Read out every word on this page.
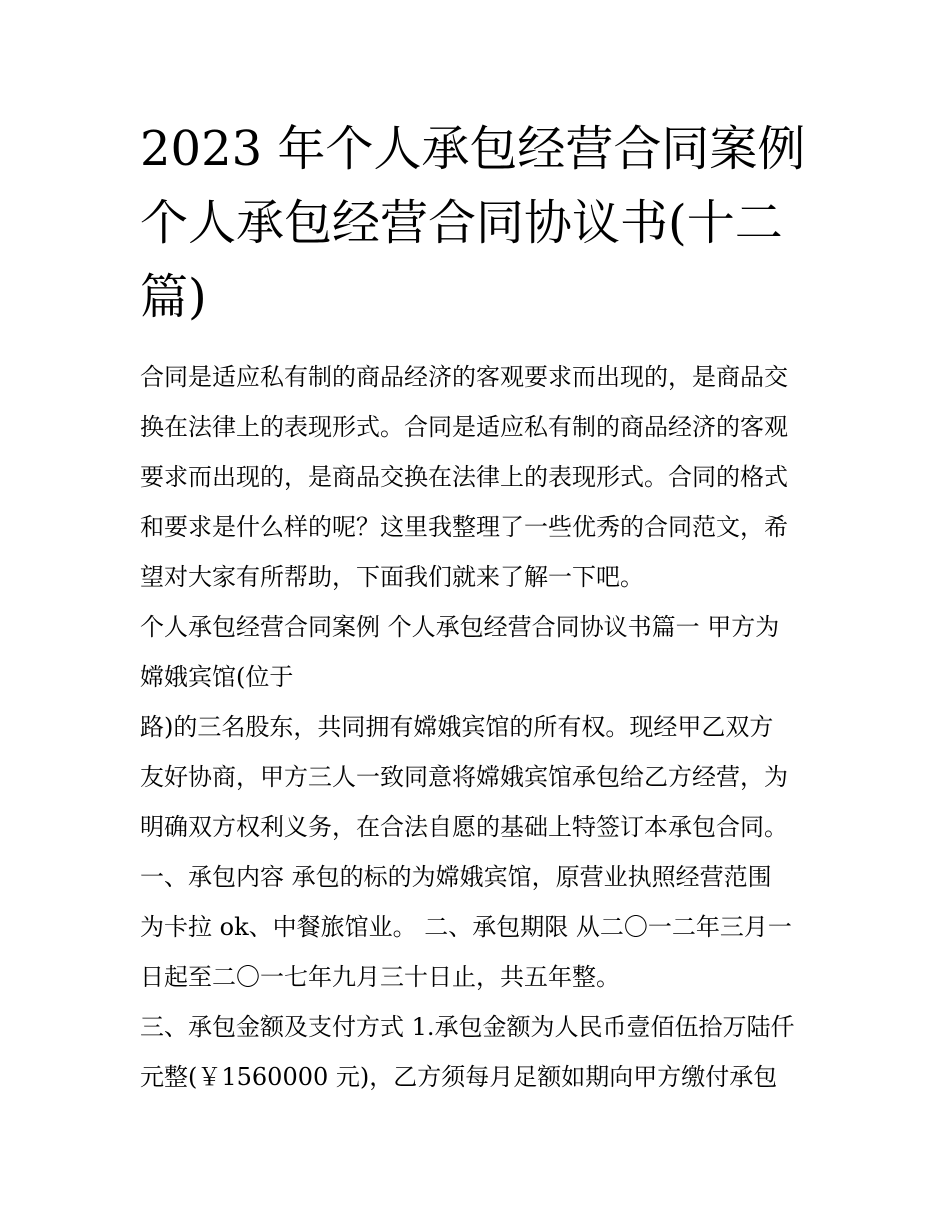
2023 年个人承包经营合同案例
个人承包经营合同协议书(十二
篇)
合同是适应私有制的商品经济的客观要求而出现的，是商品交
换在法律上的表现形式。合同是适应私有制的商品经济的客观
要求而出现的，是商品交换在法律上的表现形式。合同的格式
和要求是什么样的呢？这里我整理了一些优秀的合同范文，希
望对大家有所帮助，下面我们就来了解一下吧。
个人承包经营合同案例 个人承包经营合同协议书篇一 甲方为
嫦娥宾馆(位于
路)的三名股东，共同拥有嫦娥宾馆的所有权。现经甲乙双方
友好协商，甲方三人一致同意将嫦娥宾馆承包给乙方经营，为
明确双方权利义务，在合法自愿的基础上特签订本承包合同。
一、承包内容 承包的标的为嫦娥宾馆，原营业执照经营范围
为卡拉 ok、中餐旅馆业。 二、承包期限 从二〇一二年三月一
日起至二〇一七年九月三十日止，共五年整。
三、承包金额及支付方式 1.承包金额为人民币壹佰伍拾万陆仟
元整(￥1560000 元)，乙方须每月足额如期向甲方缴付承包
